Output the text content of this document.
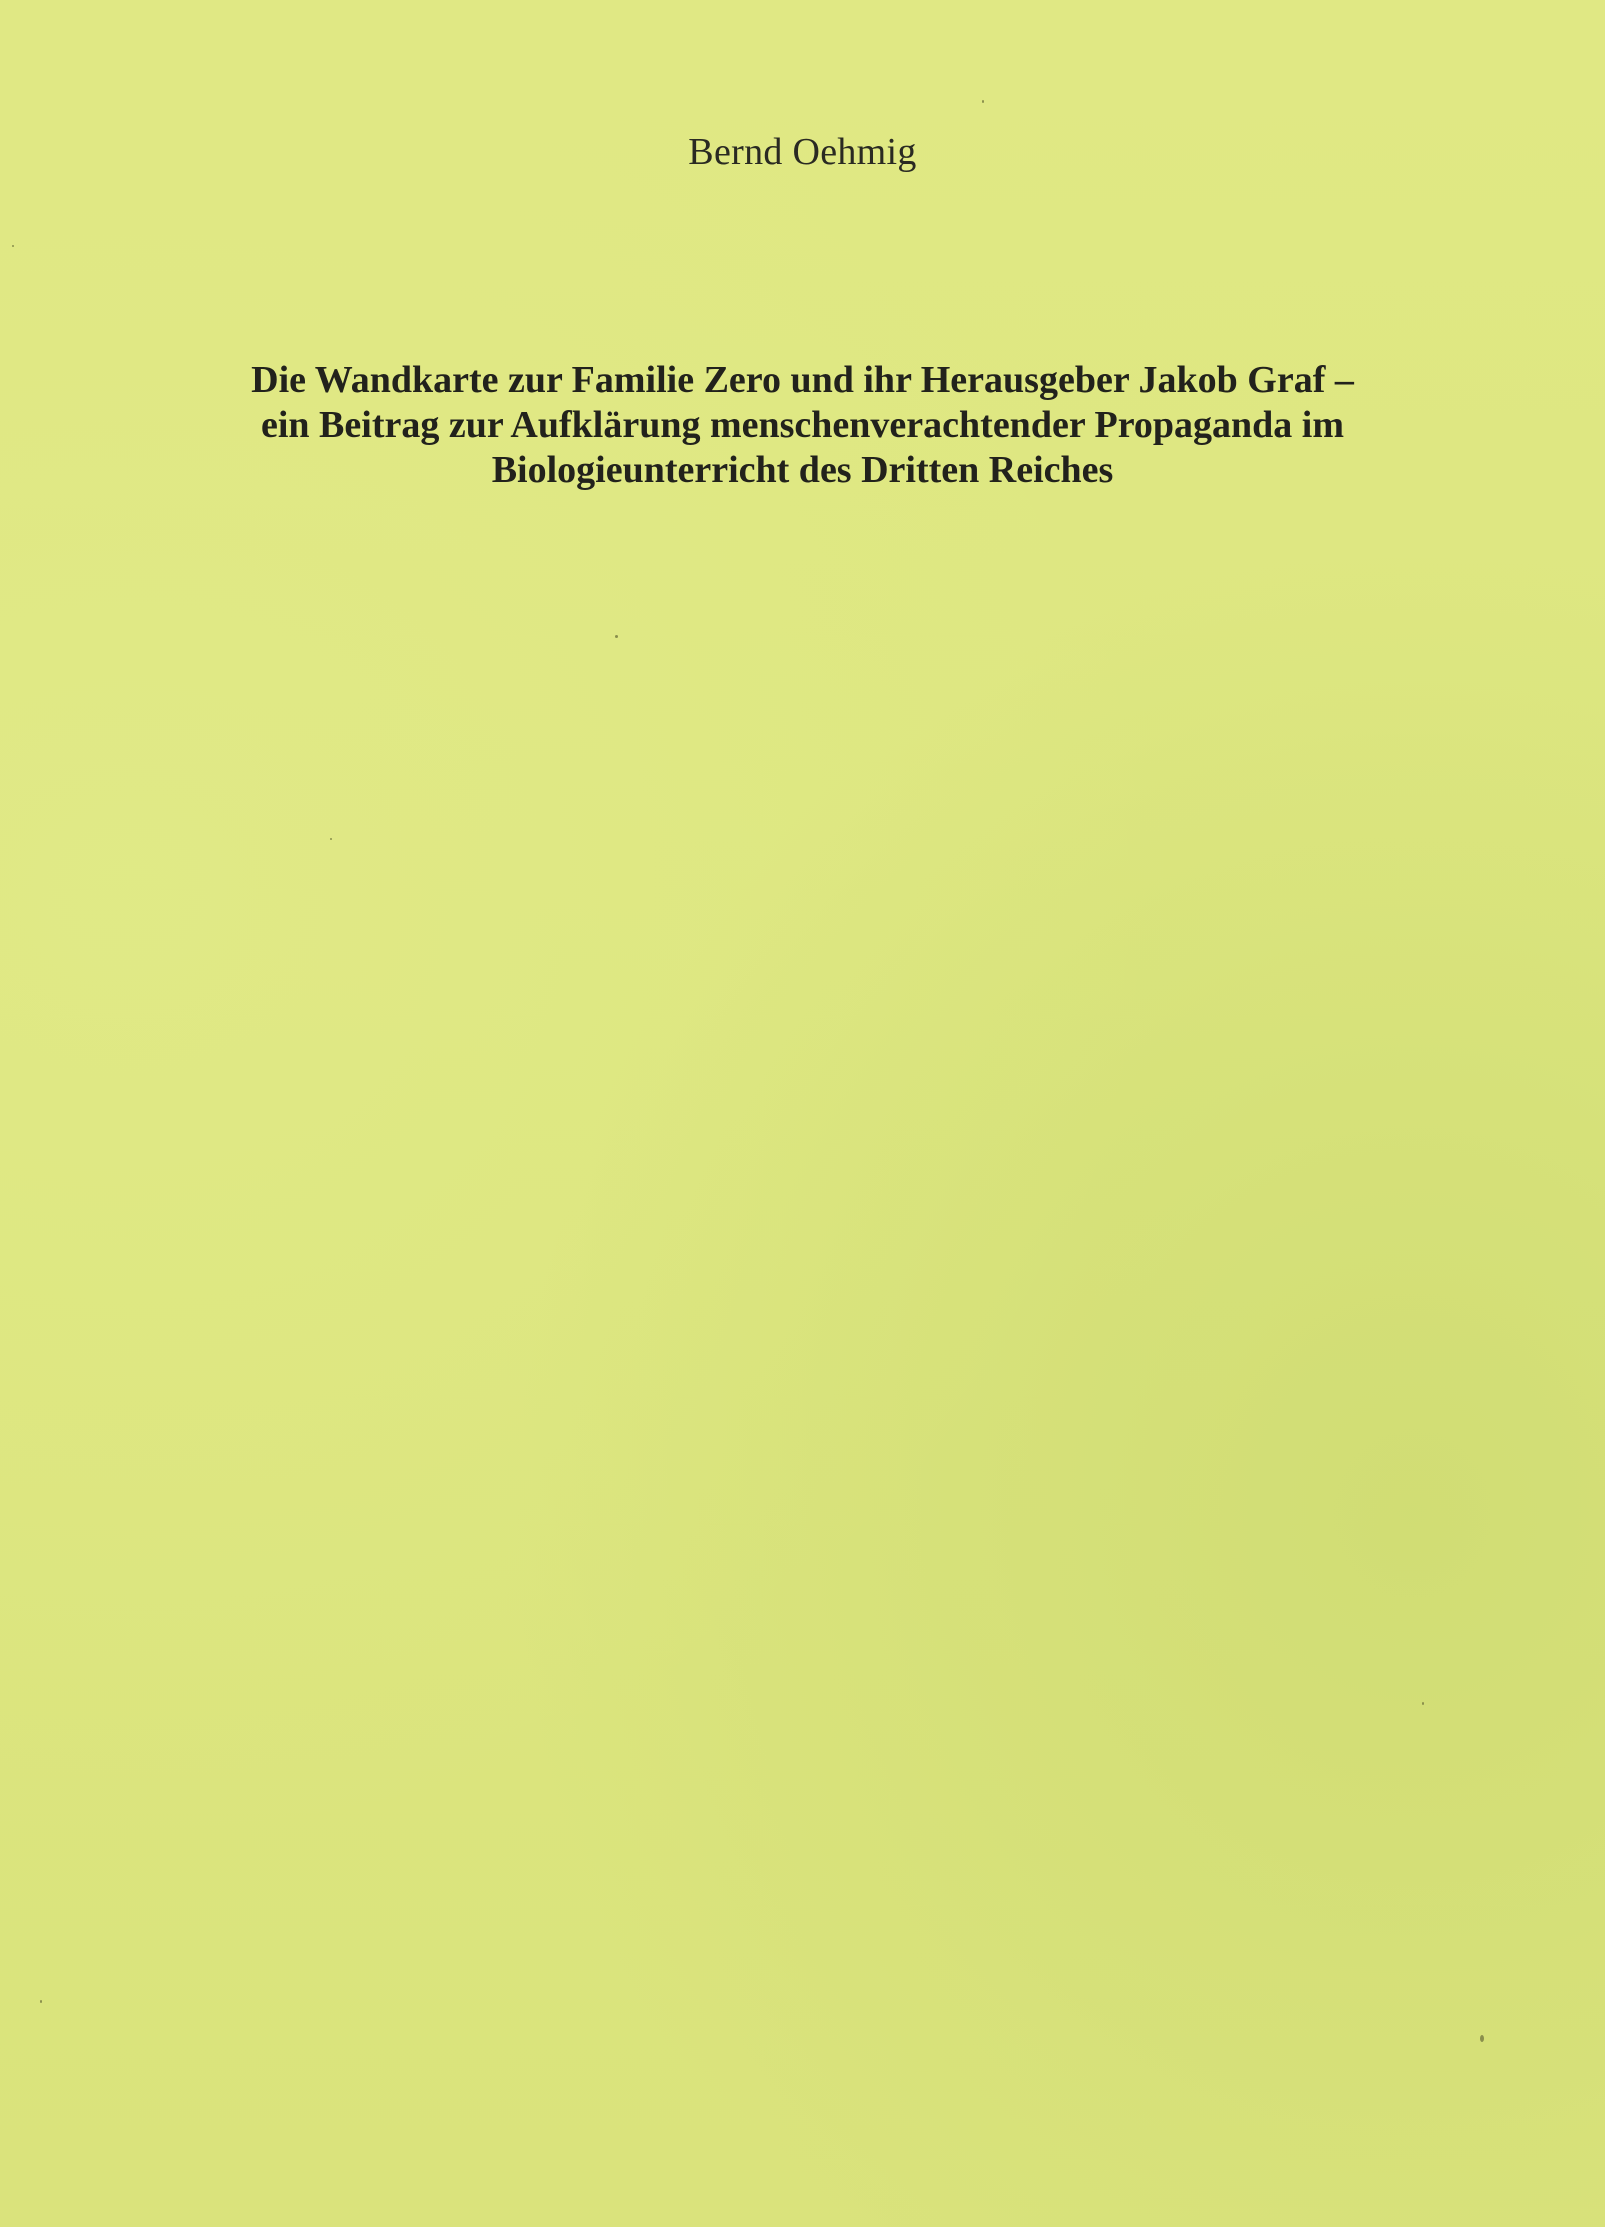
Bernd Oehmig
Die Wandkarte zur Familie Zero und ihr Herausgeber Jakob Graf –
ein Beitrag zur Aufklärung menschenverachtender Propaganda im
Biologieunterricht des Dritten Reiches
